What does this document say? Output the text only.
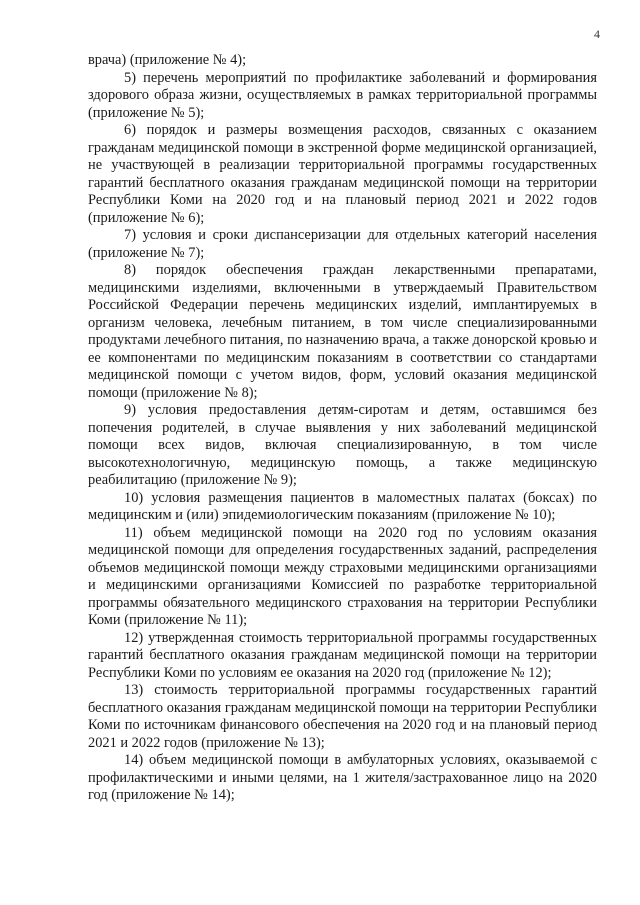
4

врача) (приложение № 4);

5) перечень мероприятий по профилактике заболеваний и формирования здорового образа жизни, осуществляемых в рамках территориальной программы (приложение № 5);

6) порядок и размеры возмещения расходов, связанных с оказанием гражданам медицинской помощи в экстренной форме медицинской организацией, не участвующей в реализации территориальной программы государственных гарантий бесплатного оказания гражданам медицинской помощи на территории Республики Коми на 2020 год и на плановый период 2021 и 2022 годов (приложение № 6);

7) условия и сроки диспансеризации для отдельных категорий населения (приложение № 7);

8) порядок обеспечения граждан лекарственными препаратами, медицинскими изделиями, включенными в утверждаемый Правительством Российской Федерации перечень медицинских изделий, имплантируемых в организм человека, лечебным питанием, в том числе специализированными продуктами лечебного питания, по назначению врача, а также донорской кровью и ее компонентами по медицинским показаниям в соответствии со стандартами медицинской помощи с учетом видов, форм, условий оказания медицинской помощи (приложение № 8);

9) условия предоставления детям-сиротам и детям, оставшимся без попечения родителей, в случае выявления у них заболеваний медицинской помощи всех видов, включая специализированную, в том числе высокотехнологичную, медицинскую помощь, а также медицинскую реабилитацию (приложение № 9);

10) условия размещения пациентов в маломестных палатах (боксах) по медицинским и (или) эпидемиологическим показаниям (приложение № 10);

11) объем медицинской помощи на 2020 год по условиям оказания медицинской помощи для определения государственных заданий, распределения объемов медицинской помощи между страховыми медицинскими организациями и медицинскими организациями Комиссией по разработке территориальной программы обязательного медицинского страхования на территории Республики Коми (приложение № 11);

12) утвержденная стоимость территориальной программы государственных гарантий бесплатного оказания гражданам медицинской помощи на территории Республики Коми по условиям ее оказания на 2020 год (приложение № 12);

13) стоимость территориальной программы государственных гарантий бесплатного оказания гражданам медицинской помощи на территории Республики Коми по источникам финансового обеспечения на 2020 год и на плановый период 2021 и 2022 годов (приложение № 13);

14) объем медицинской помощи в амбулаторных условиях, оказываемой с профилактическими и иными целями, на 1 жителя/застрахованное лицо на 2020 год (приложение № 14);
